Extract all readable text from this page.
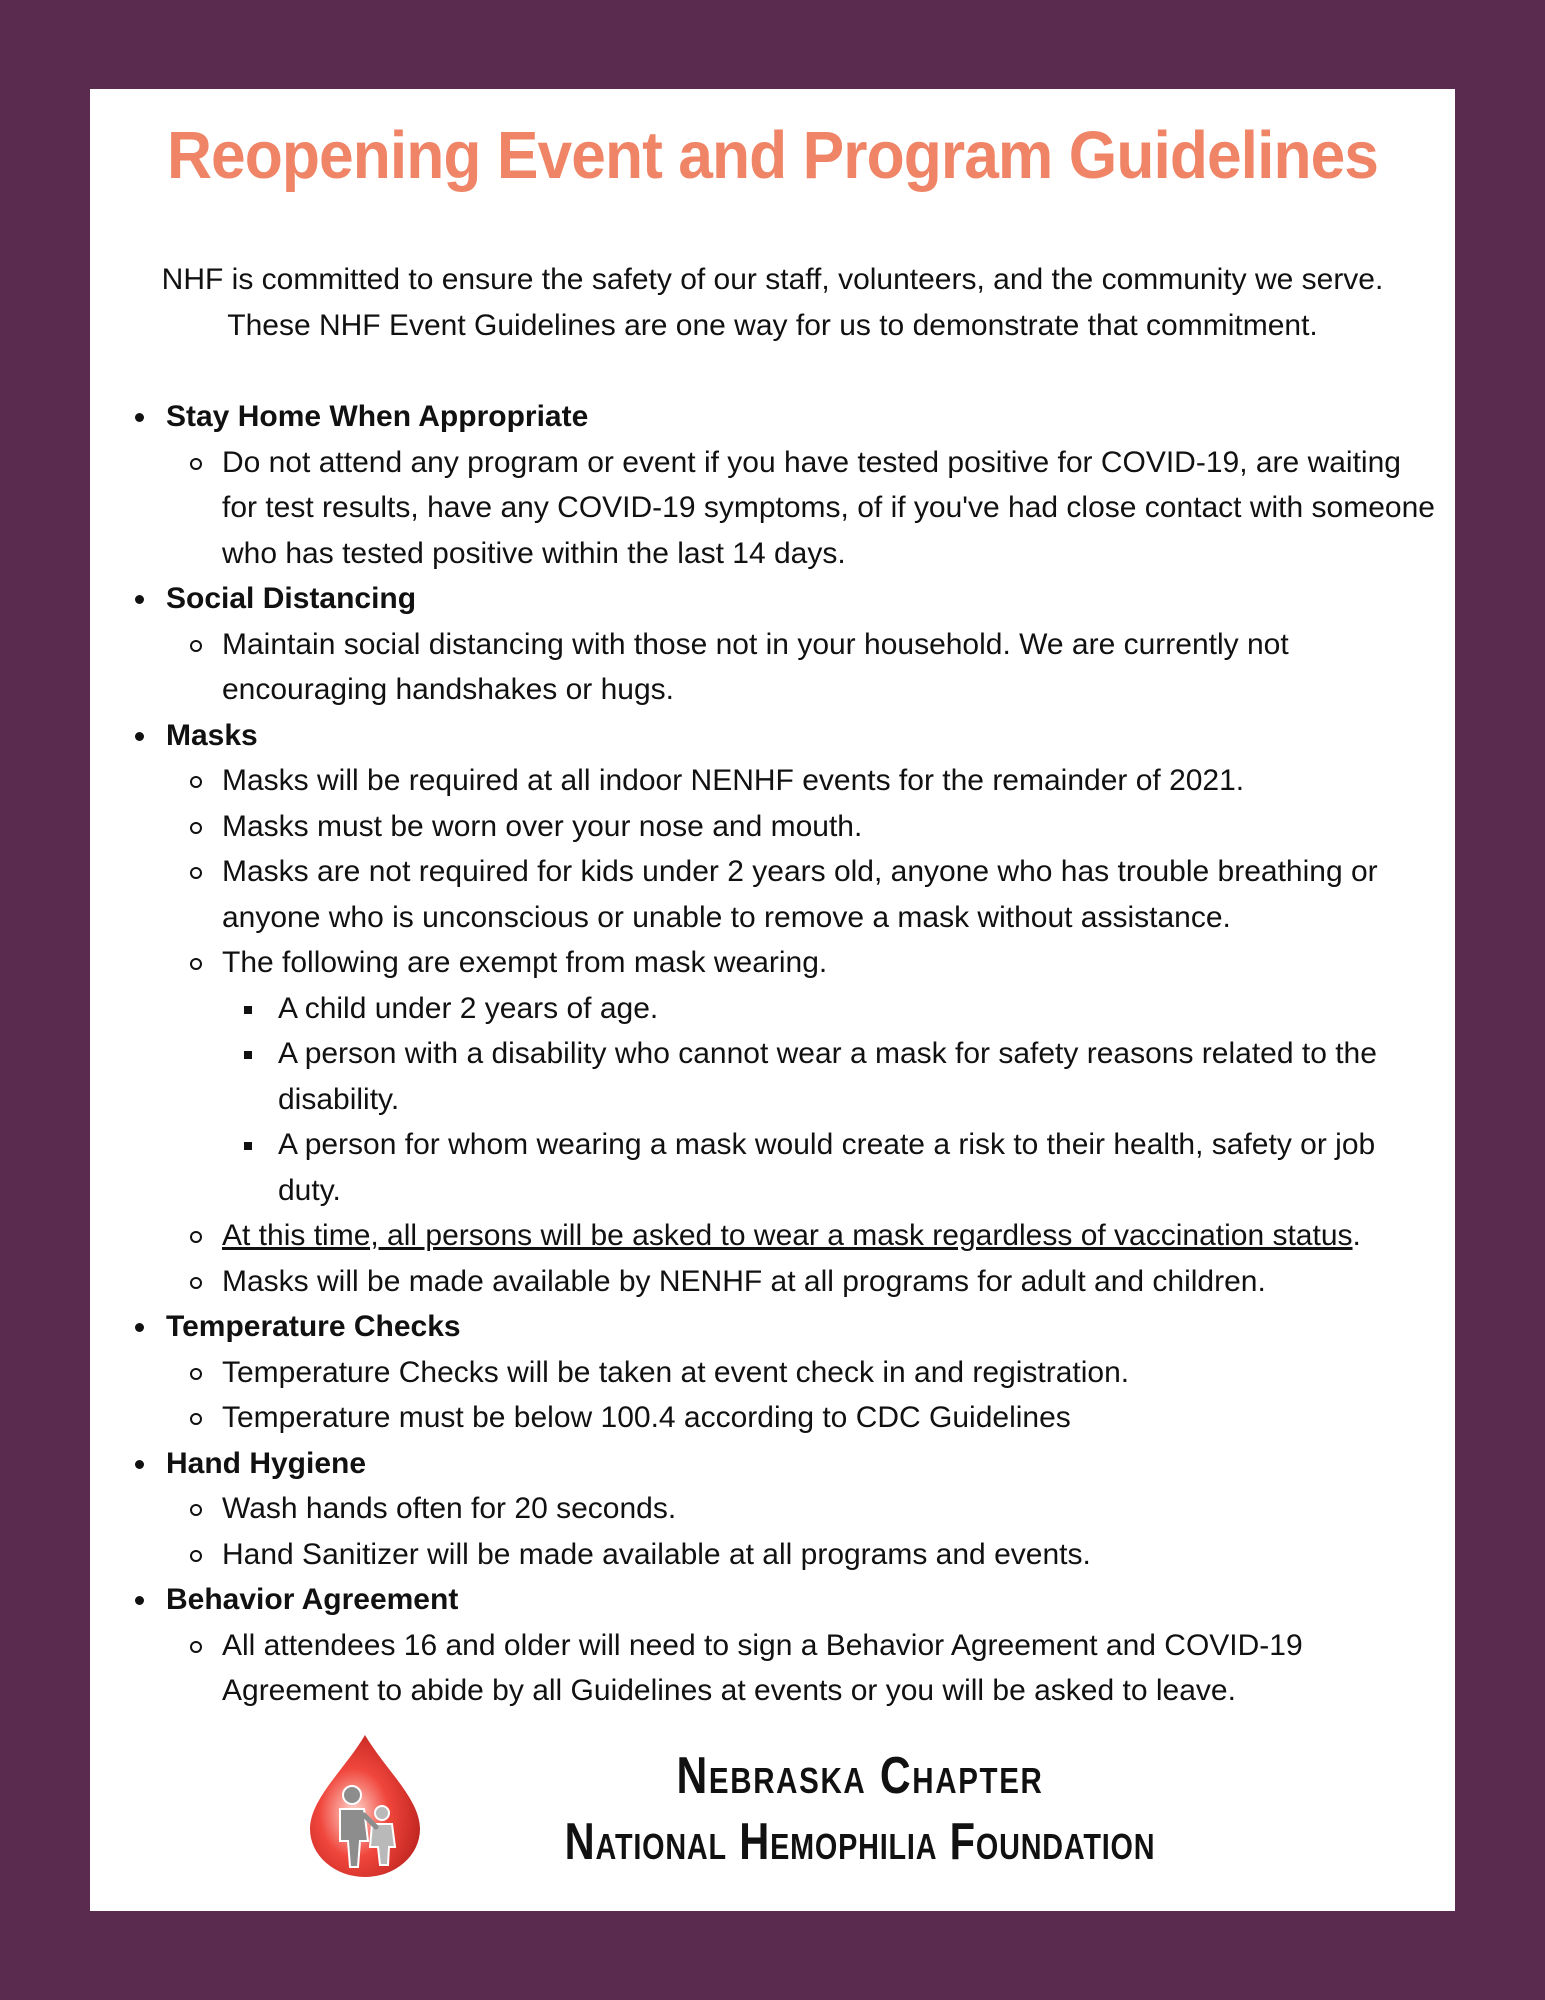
Reopening Event and Program Guidelines
NHF is committed to ensure the safety of our staff, volunteers, and the community we serve.
These NHF Event Guidelines are one way for us to demonstrate that commitment.
Stay Home When Appropriate
Do not attend any program or event if you have tested positive for COVID-19, are waiting for test results, have any COVID-19 symptoms, of if you've had close contact with someone who has tested positive within the last 14 days.
Social Distancing
Maintain social distancing with those not in your household. We are currently not encouraging handshakes or hugs.
Masks
Masks will be required at all indoor NENHF events for the remainder of 2021.
Masks must be worn over your nose and mouth.
Masks are not required for kids under 2 years old, anyone who has trouble breathing or anyone who is unconscious or unable to remove a mask without assistance.
The following are exempt from mask wearing.
A child under 2 years of age.
A person with a disability who cannot wear a mask for safety reasons related to the disability.
A person for whom wearing a mask would create a risk to their health, safety or job duty.
At this time, all persons will be asked to wear a mask regardless of vaccination status.
Masks will be made available by NENHF at all programs for adult and children.
Temperature Checks
Temperature Checks will be taken at event check in and registration.
Temperature must be below 100.4 according to CDC Guidelines
Hand Hygiene
Wash hands often for 20 seconds.
Hand Sanitizer will be made available at all programs and events.
Behavior Agreement
All attendees 16 and older will need to sign a Behavior Agreement and COVID-19 Agreement to abide by all Guidelines at events or you will be asked to leave.
Nebraska Chapter
National Hemophilia Foundation
